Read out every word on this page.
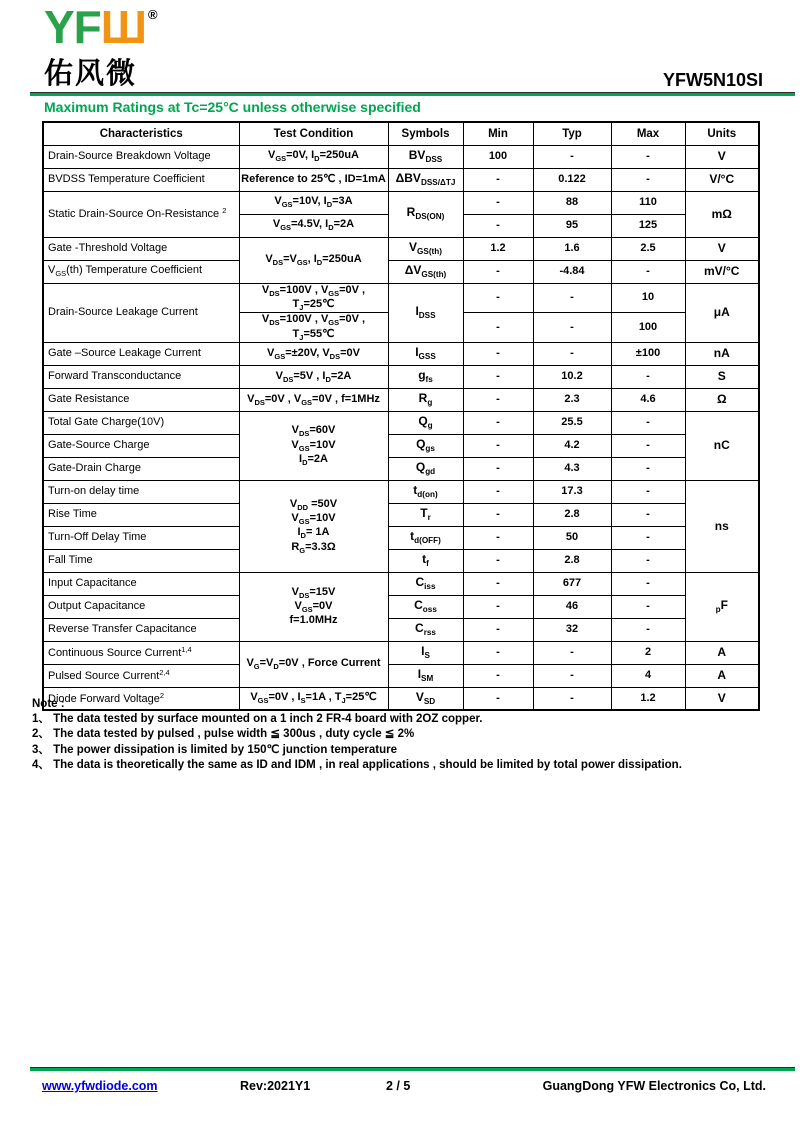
YFШ ®
佑风微	YFW5N10SI
Maximum Ratings at Tc=25°C unless otherwise specified
Characteristics	Test Condition	Symbols	Min	Typ	Max	Units
Drain-Source Breakdown Voltage	$V_{GS}=0V$, $I_D=250uA$	$BV_{DSS}$	100	-	-	V
BVDSS Temperature Coefficient	Reference to 25℃ , ID=1mA	$\Delta BV_{DSS/\Delta TJ}$	-	0.122	-	V/°C
Static Drain-Source On-Resistance $^2$	$V_{GS}=10V$, $I_D=3A$	$R_{DS(ON)}$	-	88	110	mΩ
	$V_{GS}=4.5V$, $I_D=2A$		-	95	125	
Gate -Threshold Voltage	$V_{DS}=V_{GS}$, $I_D=250uA$	$V_{GS(th)}$	1.2	1.6	2.5	V
$V_{GS}(th)$ Temperature Coefficient		$\Delta V_{GS(th)}$	-	-4.84	-	mV/°C
Drain-Source Leakage Current	$V_{DS}=100V$ , $V_{GS}=0V$ , $T_J=25℃$	$I_{DSS}$	-	-	10	μA
	$V_{DS}=100V$ , $V_{GS}=0V$ , $T_J=55℃$		-	-	100	
Gate –Source Leakage Current	$V_{GS}=\pm 20V$, $V_{DS}=0V$	$I_{GSS}$	-	-	±100	nA
Forward Transconductance	$V_{DS}=5V$ , $I_D=2A$	$g_{fs}$	-	10.2	-	S
Gate Resistance	$V_{DS}=0V$ , $V_{GS}=0V$ , f=1MHz	$R_g$	-	2.3	4.6	Ω
Total Gate Charge(10V)	$V_{DS}=60V$
$V_{GS}=10V$
$I_D=2A$	$Q_g$	-	25.5	-	nC
Gate-Source Charge		$Q_{gs}$	-	4.2	-	
Gate-Drain Charge		$Q_{gd}$	-	4.3	-	
Turn-on delay time	$V_{DD} =50V$
$V_{GS}=10V$
$I_D= 1A$
$R_G=3.3\Omega$	$t_{d(on)}$	-	17.3	-	ns
Rise Time		$T_r$	-	2.8	-	
Turn-Off Delay Time		$t_{d(OFF)}$	-	50	-	
Fall Time		$t_f$	-	2.8	-	
Input Capacitance	$V_{DS}=15V$
$V_{GS}=0V$
f=1.0MHz	$C_{iss}$	-	677	-	$_p$F
Output Capacitance		$C_{oss}$	-	46	-	
Reverse Transfer Capacitance		$C_{rss}$	-	32	-	
Continuous Source Current$^{1,4}$	$V_G=V_D=0V$ , Force Current	$I_S$	-	-	2	A
Pulsed Source Current$^{2,4}$		$I_{SM}$	-	-	4	A
Diode Forward Voltage$^2$	$V_{GS}=0V$ , $I_S=1A$ , $T_J=25℃$	$V_{SD}$	-	-	1.2	V
Note :
1、 The data tested by surface mounted on a 1 inch 2 FR-4 board with 2OZ copper.
2、 The data tested by pulsed , pulse width ≦ 300us , duty cycle ≦ 2%
3、 The power dissipation is limited by 150℃ junction temperature
4、 The data is theoretically the same as ID and IDM , in real applications , should be limited by total power dissipation.
www.yfwdiode.com	Rev:2021Y1	2 / 5	GuangDong YFW Electronics Co, Ltd.
